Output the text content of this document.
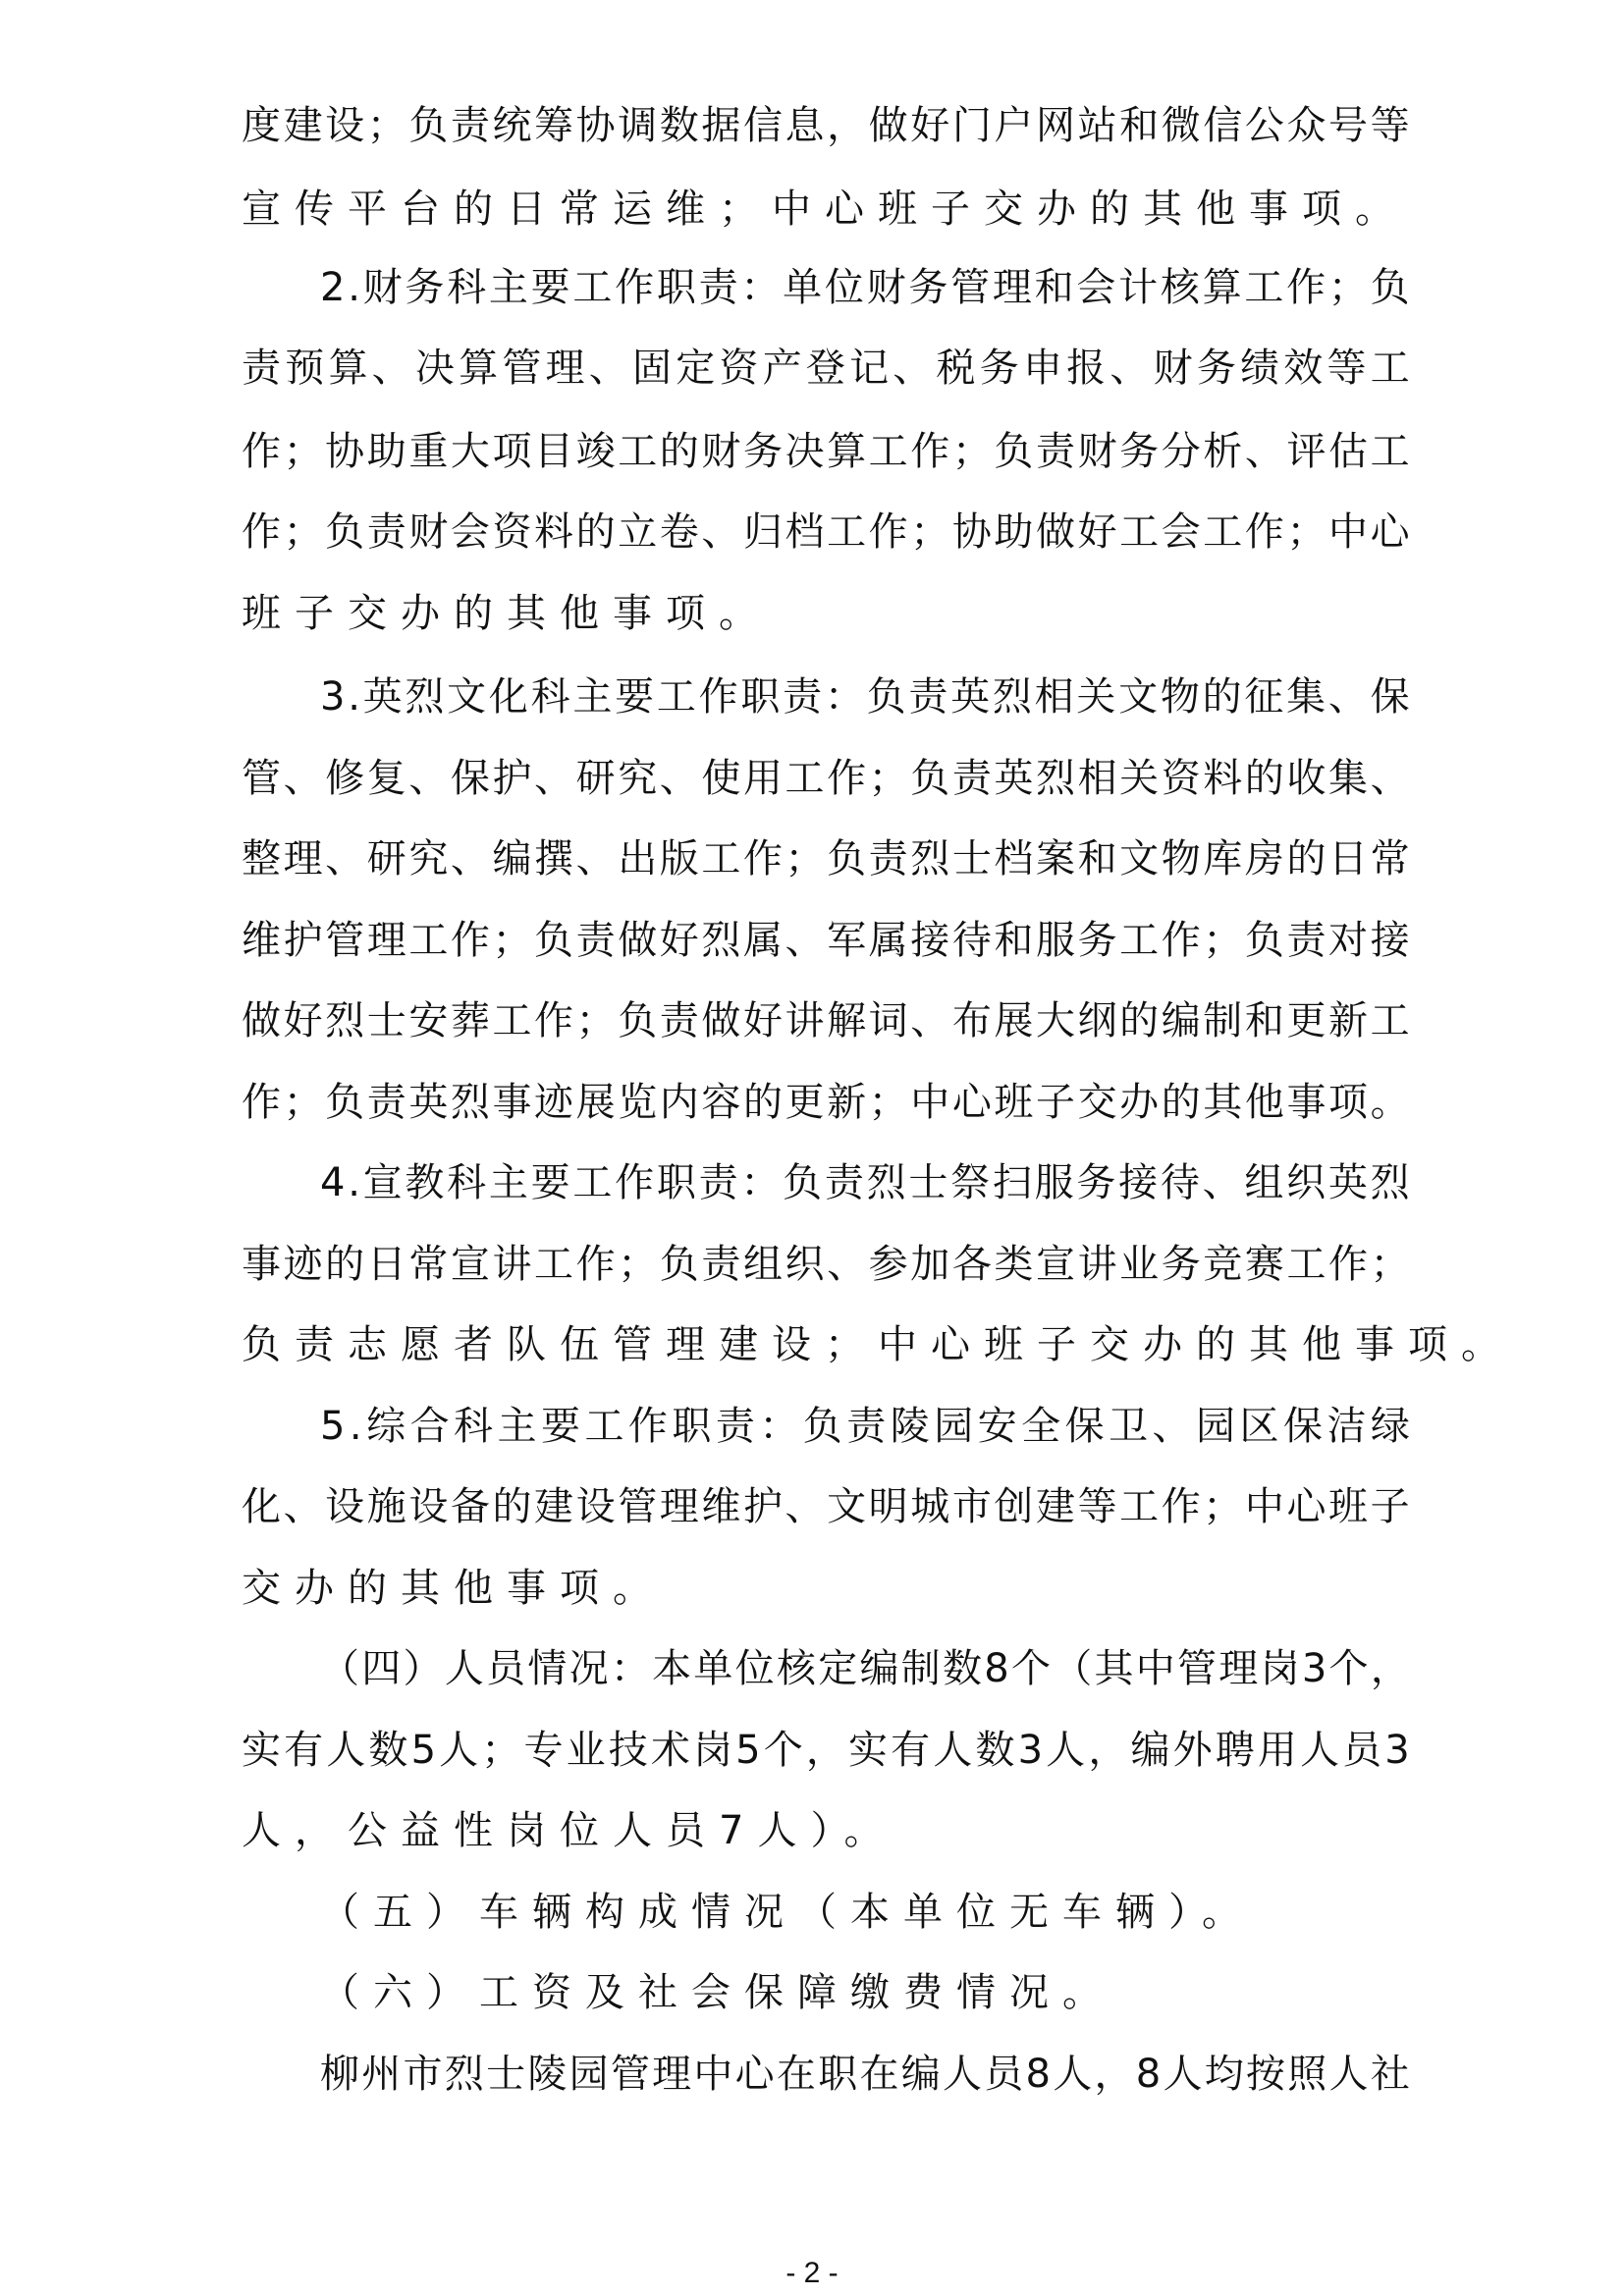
度 建 设 ； 负 责 统 筹 协 调 数 据 信 息 ， 做 好 门 户 网 站 和 微 信 公 众 号 等
宣传平台的日常运维；中心班子交办的其他事项。
2 . 财 务 科 主 要 工 作 职 责 ： 单 位 财 务 管 理 和 会 计 核 算 工 作 ； 负
责 预 算 、 决 算 管 理 、 固 定 资 产 登 记 、 税 务 申 报 、 财 务 绩 效 等 工
作 ； 协 助 重 大 项 目 竣 工 的 财 务 决 算 工 作 ； 负 责 财 务 分 析 、 评 估 工
作 ； 负 责 财 会 资 料 的 立 卷 、 归 档 工 作 ； 协 助 做 好 工 会 工 作 ； 中 心
班子交办的其他事项。
3 . 英 烈 文 化 科 主 要 工 作 职 责 ： 负 责 英 烈 相 关 文 物 的 征 集 、 保
管 、 修 复 、 保 护 、 研 究 、 使 用 工 作 ； 负 责 英 烈 相 关 资 料 的 收 集 、
整 理 、 研 究 、 编 撰 、 出 版 工 作 ； 负 责 烈 士 档 案 和 文 物 库 房 的 日 常
维 护 管 理 工 作 ； 负 责 做 好 烈 属 、 军 属 接 待 和 服 务 工 作 ； 负 责 对 接
做 好 烈 士 安 葬 工 作 ； 负 责 做 好 讲 解 词 、 布 展 大 纲 的 编 制 和 更 新 工
作 ； 负 责 英 烈 事 迹 展 览 内 容 的 更 新 ； 中 心 班 子 交 办 的 其 他 事 项 。
4 . 宣 教 科 主 要 工 作 职 责 ： 负 责 烈 士 祭 扫 服 务 接 待 、 组 织 英 烈
事 迹 的 日 常 宣 讲 工 作 ； 负 责 组 织 、 参 加 各 类 宣 讲 业 务 竞 赛 工 作 ；
负责志愿者队伍管理建设；中心班子交办的其他事项。
5 . 综 合 科 主 要 工 作 职 责 ： 负 责 陵 园 安 全 保 卫 、 园 区 保 洁 绿
化 、 设 施 设 备 的 建 设 管 理 维 护 、 文 明 城 市 创 建 等 工 作 ； 中 心 班 子
交办的其他事项。
（ 四 ） 人 员 情 况 ： 本 单 位 核 定 编 制 数 8 个 （ 其 中 管 理 岗 3 个 ，
实 有 人 数 5 人 ； 专 业 技 术 岗 5 个 ， 实 有 人 数 3 人 ， 编 外 聘 用 人 员 3
人，公益性岗位人员7人）。
（五）车辆构成情况（本单位无车辆）。
（六）工资及社会保障缴费情况。
柳 州 市 烈 士 陵 园 管 理 中 心 在 职 在 编 人 员 8 人 ， 8 人 均 按 照 人 社
- 2 -
